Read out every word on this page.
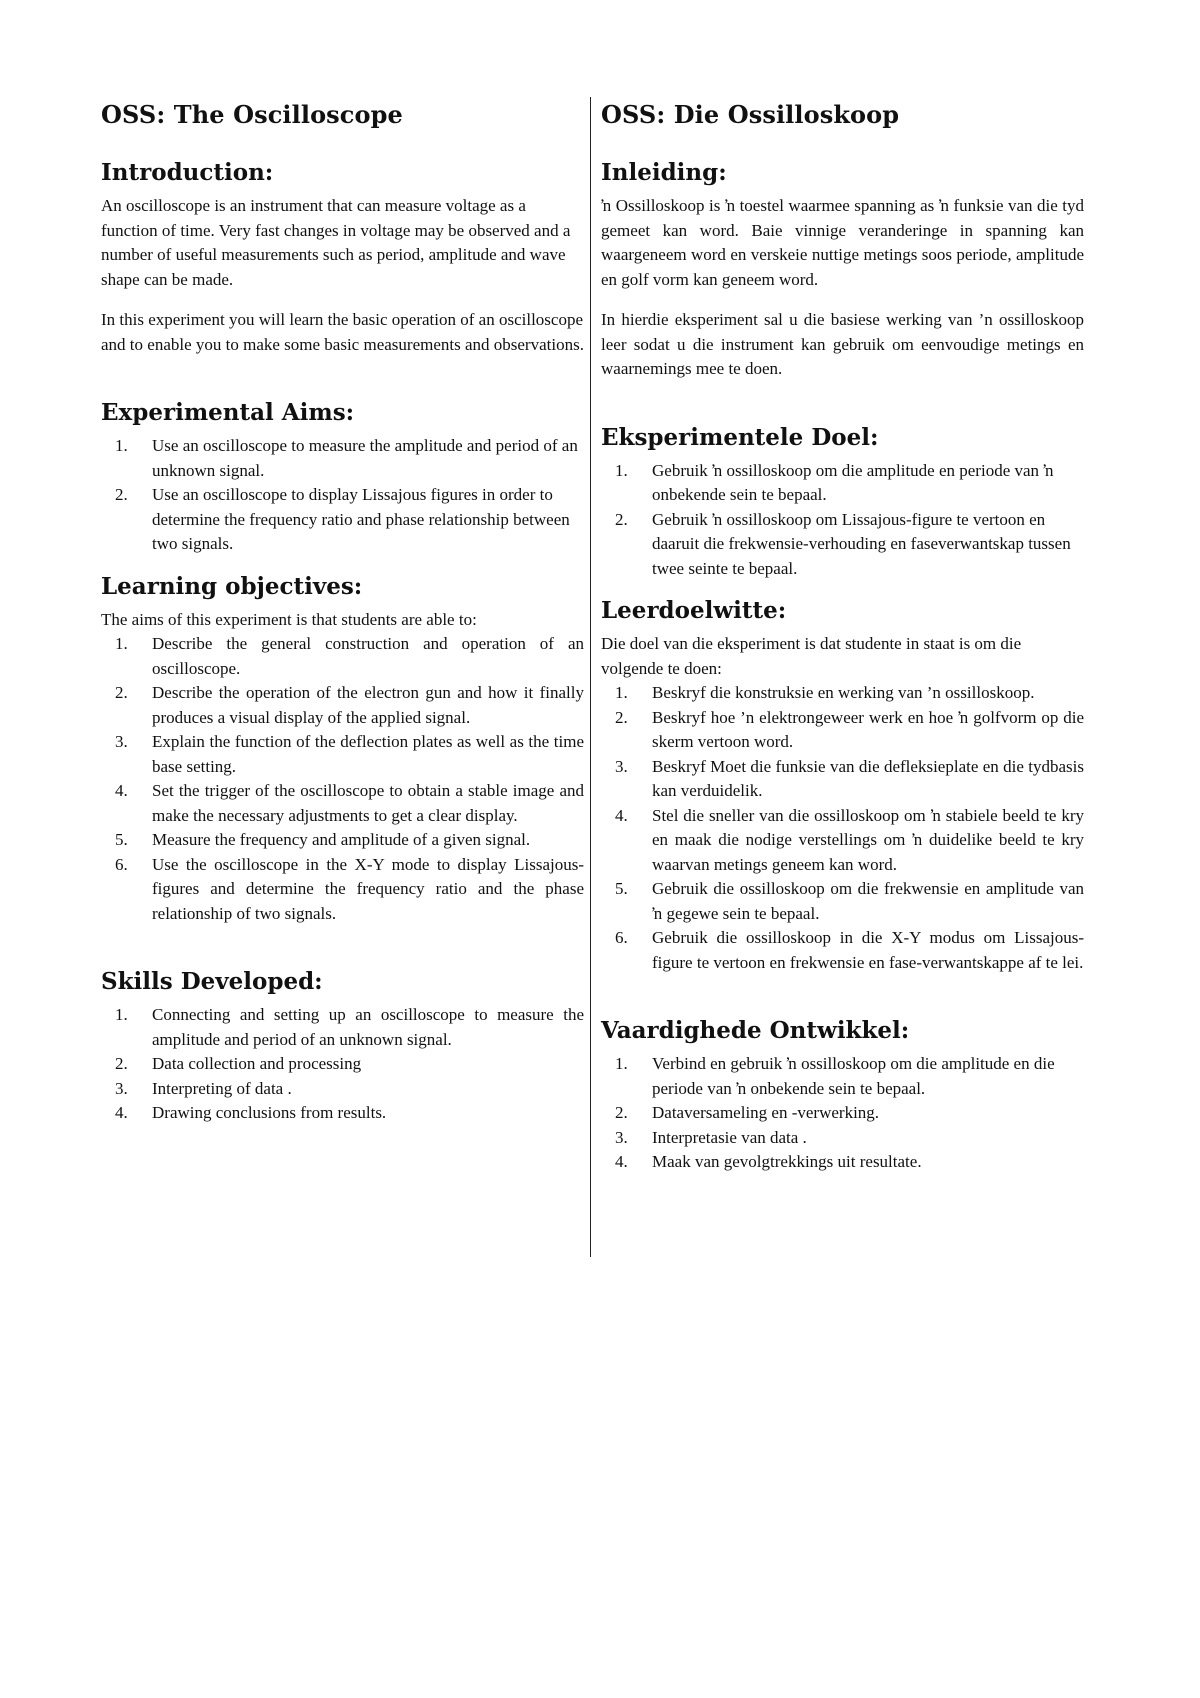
OSS: The Oscilloscope
Introduction:

An oscilloscope is an instrument that can measure voltage as a function of time. Very fast changes in voltage may be observed and a number of useful measurements such as period, amplitude and wave shape can be made.

In this experiment you will learn the basic operation of an oscilloscope and to enable you to make some basic measurements and observations.

Experimental Aims:
1. Use an oscilloscope to measure the amplitude and period of an unknown signal.
2. Use an oscilloscope to display Lissajous figures in order to determine the frequency ratio and phase relationship between two signals.
Learning objectives:

The aims of this experiment is that students are able to:

1. Describe the general construction and operation of an oscilloscope.
2. Describe the operation of the electron gun and how it finally produces a visual display of the applied signal.
3. Explain the function of the deflection plates as well as the time base setting.
4. Set the trigger of the oscilloscope to obtain a stable image and make the necessary adjustments to get a clear display.
5. Measure the frequency and amplitude of a given signal.
6. Use the oscilloscope in the X-Y mode to display Lissajous-figures and determine the frequency ratio and the phase relationship of two signals.
Skills Developed:
1. Connecting and setting up an oscilloscope to measure the amplitude and period of an unknown signal.
2. Data collection and processing
3. Interpreting of data .
4. Drawing conclusions from results.
OSS: Die Ossilloskoop
Inleiding:

ŉ Ossilloskoop is ŉ toestel waarmee spanning as ŉ funksie van die tyd gemeet kan word. Baie vinnige veranderinge in spanning kan waargeneem word en verskeie nuttige metings soos periode, amplitude en golf vorm kan geneem word.

In hierdie eksperiment sal u die basiese werking van ’n ossilloskoop leer sodat u die instrument kan gebruik om eenvoudige metings en waarnemings mee te doen.

Eksperimentele Doel:
1. Gebruik ŉ ossilloskoop om die amplitude en periode van ŉ onbekende sein te bepaal.
2. Gebruik ŉ ossilloskoop om Lissajous-figure te vertoon en daaruit die frekwensie-verhouding en faseverwantskap tussen twee seinte te bepaal.
Leerdoelwitte:

Die doel van die eksperiment is dat studente in staat is om die volgende te doen:

1. Beskryf die konstruksie en werking van ’n ossilloskoop.
2. Beskryf hoe ’n elektrongeweer werk en hoe ŉ golfvorm op die skerm vertoon word.
3. Beskryf Moet die funksie van die defleksieplate en die tydbasis kan verduidelik.
4. Stel die sneller van die ossilloskoop om ŉ stabiele beeld te kry en maak die nodige verstellings om ŉ duidelike beeld te kry waarvan metings geneem kan word.
5. Gebruik die ossilloskoop om die frekwensie en amplitude van ŉ gegewe sein te bepaal.
6. Gebruik die ossilloskoop in die X-Y modus om Lissajous-figure te vertoon en frekwensie en fase-verwantskappe af te lei.
Vaardighede Ontwikkel:
1. Verbind en gebruik ŉ ossilloskoop om die amplitude en die periode van ŉ onbekende sein te bepaal.
2. Dataversameling en -verwerking.
3. Interpretasie van data .
4. Maak van gevolgtrekkings uit resultate.
